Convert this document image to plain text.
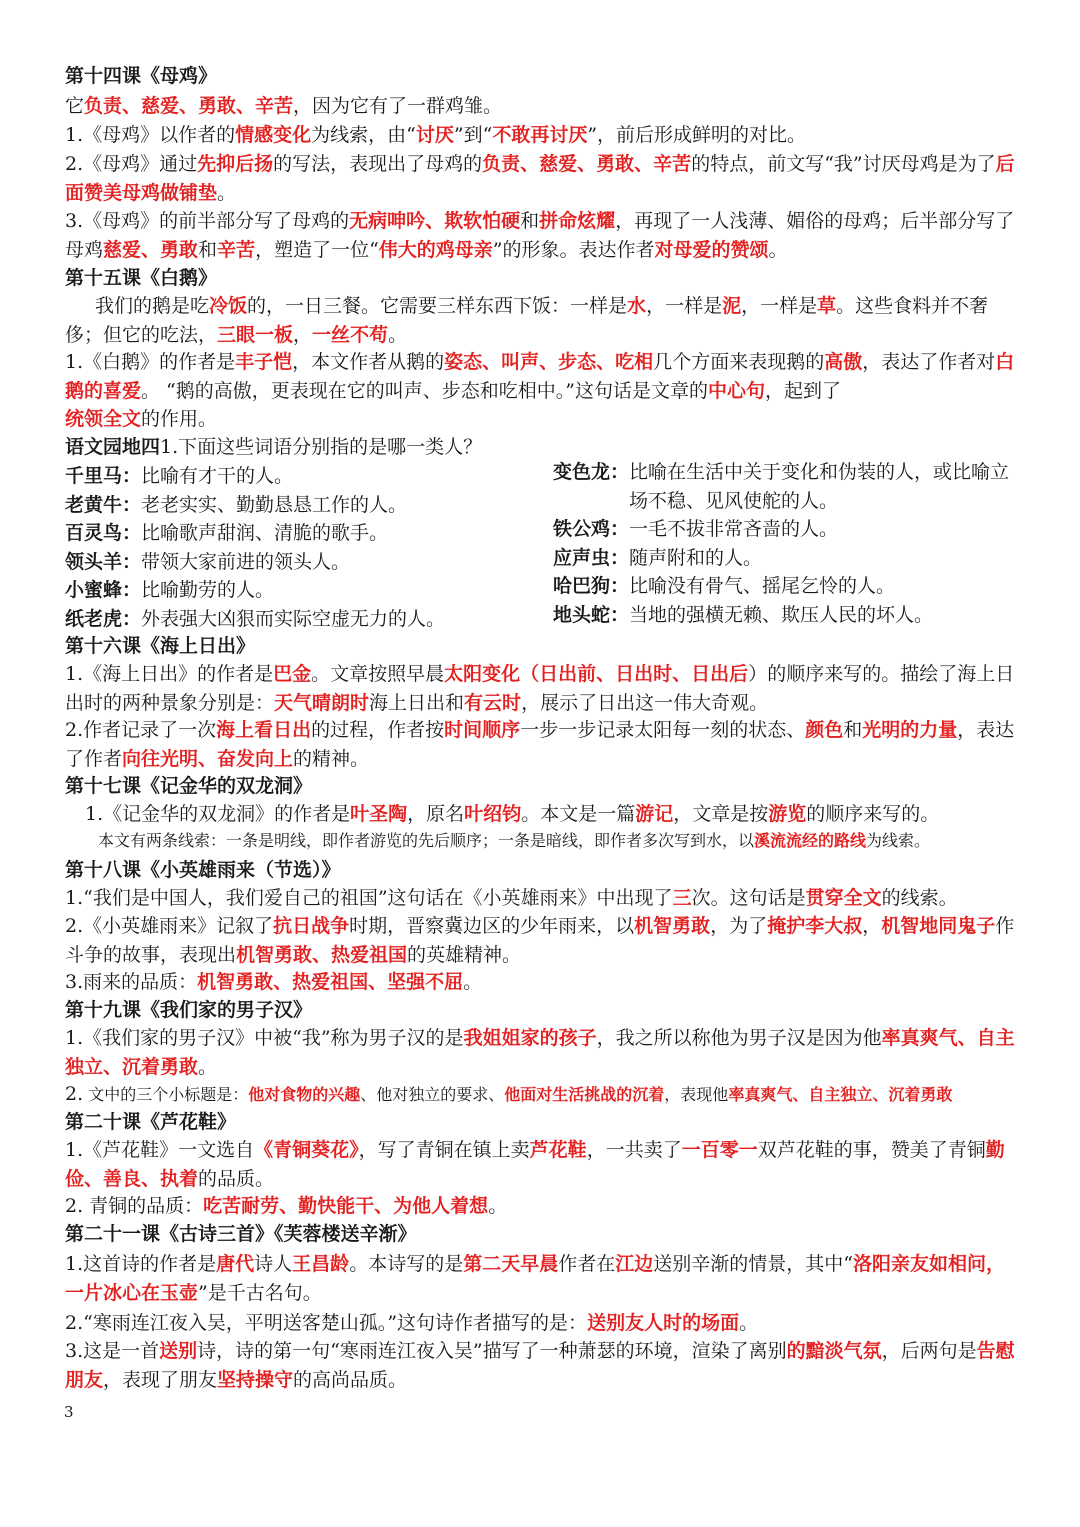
第十四课《母鸡》

它负责、慈爱、勇敢、辛苦，因为它有了一群鸡雏。

1.《母鸡》以作者的情感变化为线索，由“讨厌”到“不敢再讨厌”，前后形成鲜明的对比。

2.《母鸡》通过先抑后扬的写法，表现出了母鸡的负责、慈爱、勇敢、辛苦的特点，前文写“我”讨厌母鸡是为了后面赞美母鸡做铺垫。

3.《母鸡》的前半部分写了母鸡的无病呻吟、欺软怕硬和拼命炫耀，再现了一人浅薄、媚俗的母鸡；后半部分写了母鸡慈爱、勇敢和辛苦，塑造了一位“伟大的鸡母亲”的形象。表达作者对母爱的赞颂。

第十五课《白鹅》

我们的鹅是吃冷饭的，一日三餐。它需要三样东西下饭：一样是水，一样是泥，一样是草。这些食料并不奢侈；但它的吃法，三眼一板，一丝不苟。

1.《白鹅》的作者是丰子恺，本文作者从鹅的姿态、叫声、步态、吃相几个方面来表现鹅的高傲，表达了作者对白鹅的喜爱。 “鹅的高傲，更表现在它的叫声、步态和吃相中。”这句话是文章的中心句，起到了

统领全文的作用。

语文园地四1.下面这些词语分别指的是哪一类人？
千里马： 比喻有才干的人。
老黄牛： 老老实实、勤勤恳恳工作的人。
百灵鸟： 比喻歌声甜润、清脆的歌手。
领头羊： 带领大家前进的领头人。
小蜜蜂： 比喻勤劳的人。
纸老虎： 外表强大凶狠而实际空虚无力的人。
变色龙： 比喻在生活中关于变化和伪装的人，或比喻立场不稳、见风使舵的人。
铁公鸡： 一毛不拔非常吝啬的人。
应声虫： 随声附和的人。
哈巴狗： 比喻没有骨气、摇尾乞怜的人。
地头蛇： 当地的强横无赖、欺压人民的坏人。
第十六课《海上日出》

1.《海上日出》的作者是巴金。文章按照早晨太阳变化（日出前、日出时、日出后）的顺序来写的。描绘了海上日出时的两种景象分别是：天气晴朗时海上日出和有云时，展示了日出这一伟大奇观。

2.作者记录了一次海上看日出的过程，作者按时间顺序一步一步记录太阳每一刻的状态、颜色和光明的力量，表达了作者向往光明、奋发向上的精神。

第十七课《记金华的双龙洞》

1.《记金华的双龙洞》的作者是叶圣陶，原名叶绍钧。本文是一篇游记，文章是按游览的顺序来写的。

本文有两条线索：一条是明线，即作者游览的先后顺序；一条是暗线，即作者多次写到水，以溪流流经的路线为线索。

第十八课《小英雄雨来（节选）》

1.“我们是中国人，我们爱自己的祖国”这句话在《小英雄雨来》中出现了三次。这句话是贯穿全文的线索。

2.《小英雄雨来》记叙了抗日战争时期，晋察冀边区的少年雨来，以机智勇敢，为了掩护李大叔，机智地同鬼子作斗争的故事，表现出机智勇敢、热爱祖国的英雄精神。

3.雨来的品质：机智勇敢、热爱祖国、坚强不屈。

第十九课《我们家的男子汉》

1.《我们家的男子汉》中被“我”称为男子汉的是我姐姐家的孩子，我之所以称他为男子汉是因为他率真爽气、自主独立、沉着勇敢。

2. 文中的三个小标题是：他对食物的兴趣、他对独立的要求、他面对生活挑战的沉着，表现他率真爽气、自主独立、沉着勇敢

第二十课《芦花鞋》

1.《芦花鞋》一文选自《青铜葵花》，写了青铜在镇上卖芦花鞋，一共卖了一百零一双芦花鞋的事，赞美了青铜勤俭、善良、执着的品质。

2. 青铜的品质：吃苦耐劳、勤快能干、为他人着想。

第二十一课《古诗三首》《芙蓉楼送辛渐》

1.这首诗的作者是唐代诗人王昌龄。本诗写的是第二天早晨作者在江边送别辛渐的情景，其中“洛阳亲友如相问，一片冰心在玉壶”是千古名句。

2.“寒雨连江夜入吴，平明送客楚山孤。”这句诗作者描写的是：送别友人时的场面。

3.这是一首送别诗，诗的第一句“寒雨连江夜入吴”描写了一种萧瑟的环境，渲染了离别的黯淡气氛，后两句是告慰朋友，表现了朋友坚持操守的高尚品质。

3
